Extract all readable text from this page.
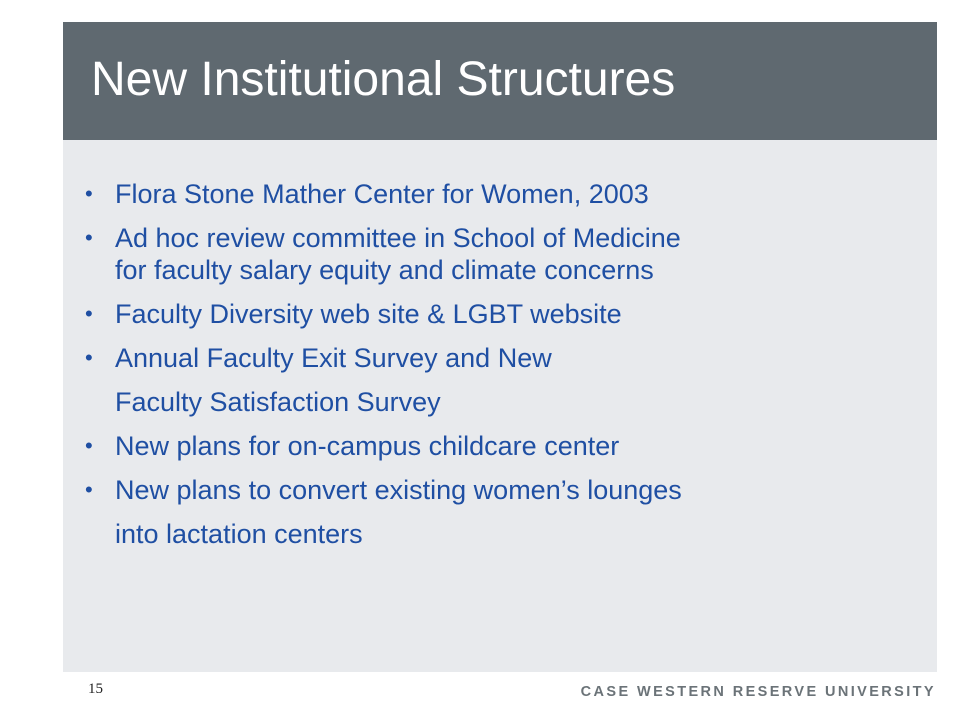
New Institutional Structures
• Flora Stone Mather Center for Women, 2003
• Ad hoc review committee in School of Medicine
for faculty salary equity and climate concerns
• Faculty Diversity web site & LGBT website
• Annual Faculty Exit Survey and New
Faculty Satisfaction Survey
• New plans for on-campus childcare center
• New plans to convert existing women’s lounges
into lactation centers
15	CASE WESTERN RESERVE UNIVERSITY
